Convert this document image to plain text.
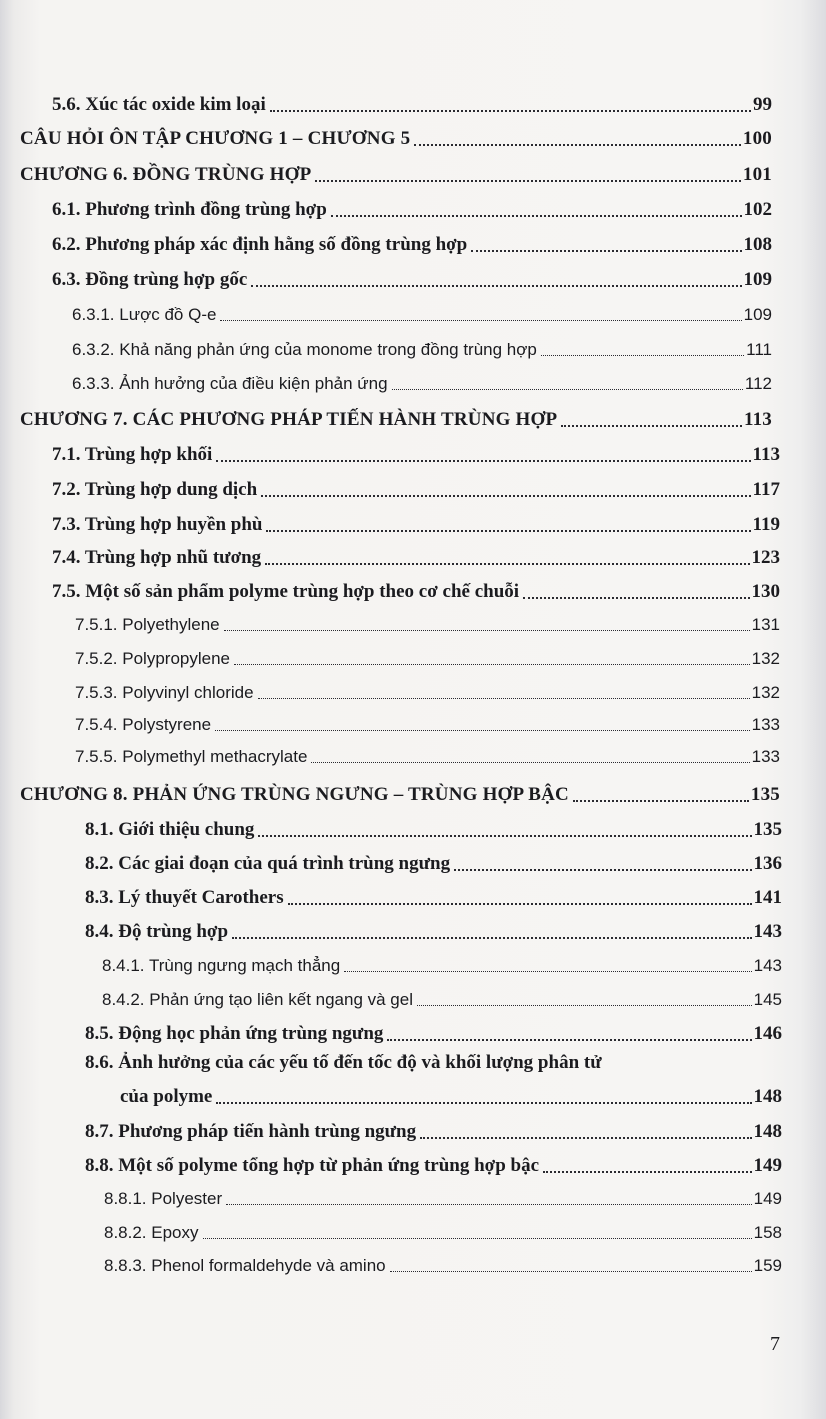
5.6. Xúc tác oxide kim loại	99
CÂU HỎI ÔN TẬP CHƯƠNG 1 – CHƯƠNG 5	100
CHƯƠNG 6. ĐỒNG TRÙNG HỢP	101
6.1. Phương trình đồng trùng hợp	102
6.2. Phương pháp xác định hằng số đồng trùng hợp	108
6.3. Đồng trùng hợp gốc	109
6.3.1. Lược đồ Q-e	109
6.3.2. Khả năng phản ứng của monome trong đồng trùng hợp	111
6.3.3. Ảnh hưởng của điều kiện phản ứng	112
CHƯƠNG 7. CÁC PHƯƠNG PHÁP TIẾN HÀNH TRÙNG HỢP	113
7.1. Trùng hợp khối	113
7.2. Trùng hợp dung dịch	117
7.3. Trùng hợp huyền phù	119
7.4. Trùng hợp nhũ tương	123
7.5. Một số sản phẩm polyme trùng hợp theo cơ chế chuỗi	130
7.5.1. Polyethylene	131
7.5.2. Polypropylene	132
7.5.3. Polyvinyl chloride	132
7.5.4. Polystyrene	133
7.5.5. Polymethyl methacrylate	133
CHƯƠNG 8. PHẢN ỨNG TRÙNG NGƯNG – TRÙNG HỢP BẬC	135
8.1. Giới thiệu chung	135
8.2. Các giai đoạn của quá trình trùng ngưng	136
8.3. Lý thuyết Carothers	141
8.4. Độ trùng hợp	143
8.4.1. Trùng ngưng mạch thẳng	143
8.4.2. Phản ứng tạo liên kết ngang và gel	145
8.5. Động học phản ứng trùng ngưng	146
8.6. Ảnh hưởng của các yếu tố đến tốc độ và khối lượng phân tử
của polyme	148
8.7. Phương pháp tiến hành trùng ngưng	148
8.8. Một số polyme tổng hợp từ phản ứng trùng hợp bậc	149
8.8.1. Polyester	149
8.8.2. Epoxy	158
8.8.3. Phenol formaldehyde và amino	159
7
